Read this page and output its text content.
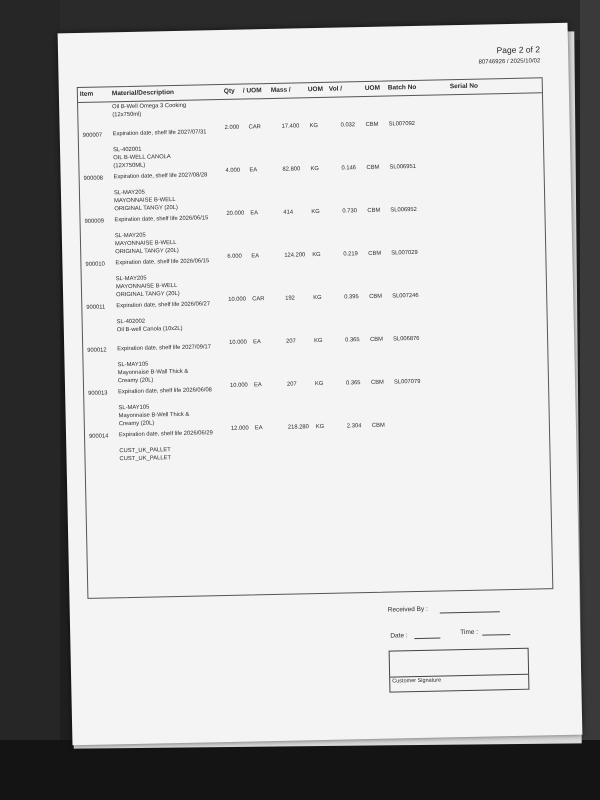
Page 2 of 2
80746926 / 2025/10/02
Item	Material/Description	Qty / UOM Mass /	UOM Vol /	UOM Batch No	Serial No
900007
Oil B-Well Omega 3 Cooking
(12x750ml)
Expiration date, shelf life 2027/07/31
2.000 CAR	17.400 KG	0.032 CBM SL007092
900008
SL-402001
OIL B-WELL CANOLA
(12X750ML)
Expiration date, shelf life 2027/08/28
4.000 EA	82.800 KG	0.146 CBM SL006951
900009
SL-MAY205
MAYONNAISE B-WELL
ORIGINAL TANGY (20L)
Expiration date, shelf life 2026/06/15
20.000 EA	414	KG	0.730 CBM SL006952
900010
SL-MAY205
MAYONNAISE B-WELL
ORIGINAL TANGY (20L)
Expiration date, shelf life 2026/06/15
6.000 EA	124.200 KG	0.219 CBM SL007029
900011
SL-MAY205
MAYONNAISE B-WELL
ORIGINAL TANGY (20L)
Expiration date, shelf life 2026/06/27
10.000 CAR	192	KG	0.395 CBM SL007246
900012
SL-402002
Oil B-well Canola (10x2L)
Expiration date, shelf life 2027/09/17
10.000 EA	207	KG	0.365 CBM SL006876
900013
SL-MAY105
Mayonnaise B-Wall Thick &
Creamy (20L)
Expiration date, shelf life 2026/06/08
10.000 EA	207	KG	0.365 CBM SL007079
900014
SL-MAY105
Mayonnaise B-Well Thick &
Creamy (20L)
Expiration date, shelf life 2026/06/29
12.000 EA	218.280 KG	2.304 CBM
CUST_UK_PALLET
CUST_UK_PALLET
Received By :
Date :	Time :
Customer Signature
